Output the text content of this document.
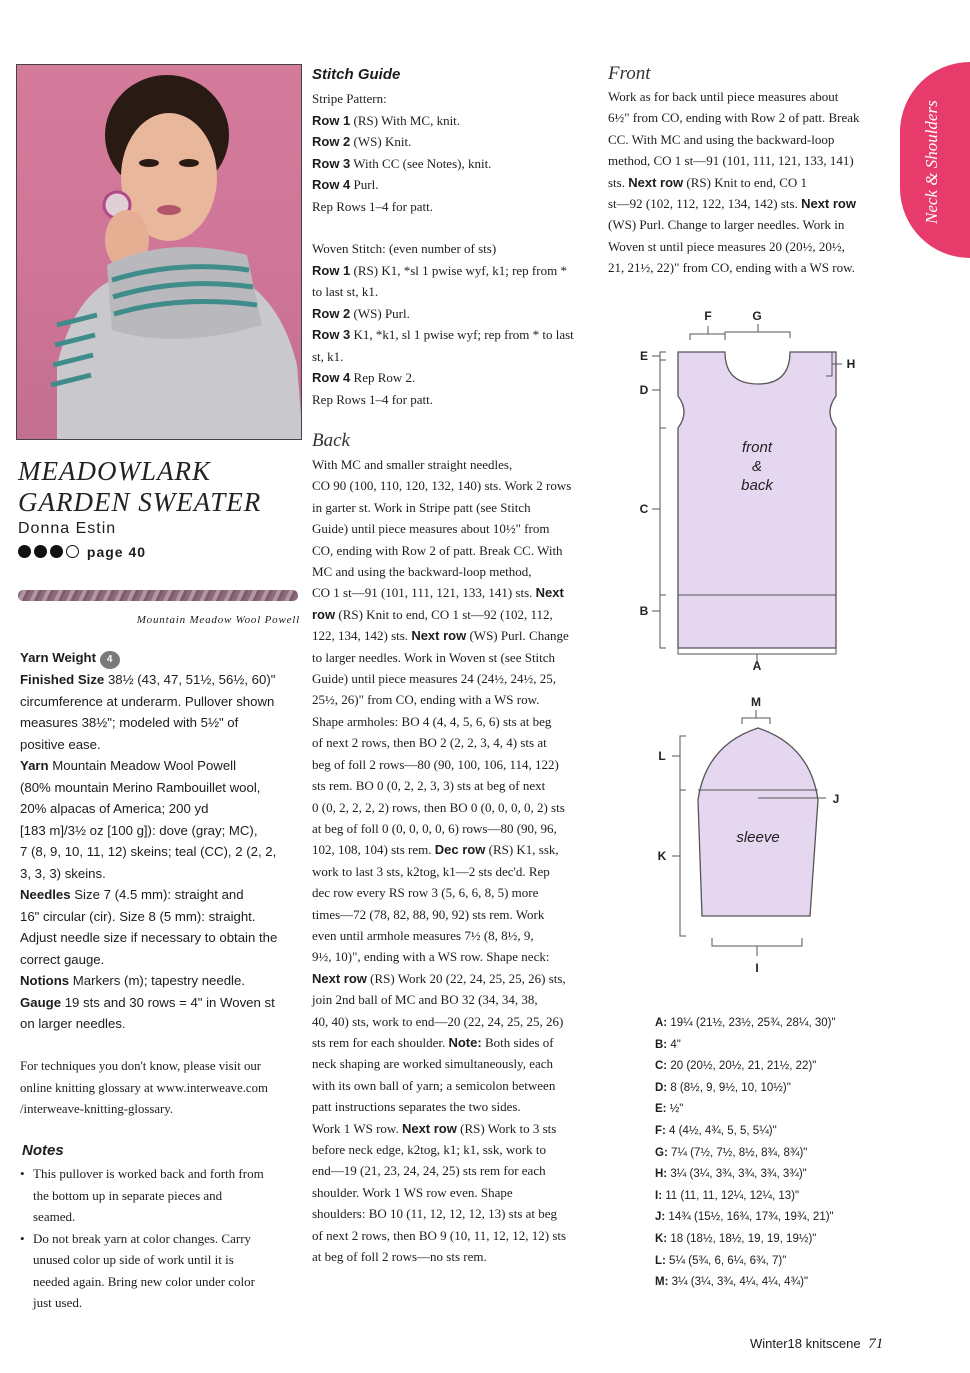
Neck & Shoulders
MEADOWLARK
GARDEN SWEATER
Donna Estin
page 40
Mountain Meadow Wool Powell
Yarn Weight 4
Finished Size 38½ (43, 47, 51½, 56½, 60)"
circumference at underarm. Pullover shown
measures 38½"; modeled with 5½" of
positive ease.
Yarn Mountain Meadow Wool Powell
(80% mountain Merino Rambouillet wool,
20% alpacas of America; 200 yd
[183 m]/3½ oz [100 g]): dove (gray; MC),
7 (8, 9, 10, 11, 12) skeins; teal (CC), 2 (2, 2,
3, 3, 3) skeins.
Needles Size 7 (4.5 mm): straight and
16" circular (cir). Size 8 (5 mm): straight.
Adjust needle size if necessary to obtain the
correct gauge.
Notions Markers (m); tapestry needle.
Gauge 19 sts and 30 rows = 4" in Woven st
on larger needles.
For techniques you don't know, please visit our
online knitting glossary at www.interweave.com
/interweave-knitting-glossary.
Notes
• This pullover is worked back and forth from
the bottom up in separate pieces and
seamed.
• Do not break yarn at color changes. Carry
unused color up side of work until it is
needed again. Bring new color under color
just used.
Stitch Guide
Stripe Pattern:
Row 1 (RS) With MC, knit.
Row 2 (WS) Knit.
Row 3 With CC (see Notes), knit.
Row 4 Purl.
Rep Rows 1–4 for patt.
Woven Stitch: (even number of sts)
Row 1 (RS) K1, *sl 1 pwise wyf, k1; rep from *
to last st, k1.
Row 2 (WS) Purl.
Row 3 K1, *k1, sl 1 pwise wyf; rep from * to last
st, k1.
Row 4 Rep Row 2.
Rep Rows 1–4 for patt.
Back
With MC and smaller straight needles,
CO 90 (100, 110, 120, 132, 140) sts. Work 2 rows
in garter st. Work in Stripe patt (see Stitch
Guide) until piece measures about 10½" from
CO, ending with Row 2 of patt. Break CC. With
MC and using the backward-loop method,
CO 1 st—91 (101, 111, 121, 133, 141) sts. Next
row (RS) Knit to end, CO 1 st—92 (102, 112,
122, 134, 142) sts. Next row (WS) Purl. Change
to larger needles. Work in Woven st (see Stitch
Guide) until piece measures 24 (24½, 24½, 25,
25½, 26)" from CO, ending with a WS row.
Shape armholes: BO 4 (4, 4, 5, 6, 6) sts at beg
of next 2 rows, then BO 2 (2, 2, 3, 4, 4) sts at
beg of foll 2 rows—80 (90, 100, 106, 114, 122)
sts rem. BO 0 (0, 2, 2, 3, 3) sts at beg of next
0 (0, 2, 2, 2, 2) rows, then BO 0 (0, 0, 0, 0, 2) sts
at beg of foll 0 (0, 0, 0, 0, 6) rows—80 (90, 96,
102, 108, 104) sts rem. Dec row (RS) K1, ssk,
work to last 3 sts, k2tog, k1—2 sts dec'd. Rep
dec row every RS row 3 (5, 6, 6, 8, 5) more
times—72 (78, 82, 88, 90, 92) sts rem. Work
even until armhole measures 7½ (8, 8½, 9,
9½, 10)", ending with a WS row. Shape neck:
Next row (RS) Work 20 (22, 24, 25, 25, 26) sts,
join 2nd ball of MC and BO 32 (34, 34, 38,
40, 40) sts, work to end—20 (22, 24, 25, 25, 26)
sts rem for each shoulder. Note: Both sides of
neck shaping are worked simultaneously, each
with its own ball of yarn; a semicolon between
patt instructions separates the two sides.
Work 1 WS row. Next row (RS) Work to 3 sts
before neck edge, k2tog, k1; k1, ssk, work to
end—19 (21, 23, 24, 24, 25) sts rem for each
shoulder. Work 1 WS row even. Shape
shoulders: BO 10 (11, 12, 12, 12, 13) sts at beg
of next 2 rows, then BO 9 (10, 11, 12, 12, 12) sts
at beg of foll 2 rows—no sts rem.
Front
Work as for back until piece measures about
6½" from CO, ending with Row 2 of patt. Break
CC. With MC and using the backward-loop
method, CO 1 st—91 (101, 111, 121, 133, 141)
sts. Next row (RS) Knit to end, CO 1
st—92 (102, 112, 122, 134, 142) sts. Next row
(WS) Purl. Change to larger needles. Work in
Woven st until piece measures 20 (20½, 20½,
21, 21½, 22)" from CO, ending with a WS row.
front
&
back
F	G
E
D
C
B
H
A
sleeve
M
J
L
K
I
A: 19¼ (21½, 23½, 25¾, 28¼, 30)"
B: 4"
C: 20 (20½, 20½, 21, 21½, 22)"
D: 8 (8½, 9, 9½, 10, 10½)"
E: ½"
F: 4 (4½, 4¾, 5, 5, 5¼)"
G: 7¼ (7½, 7½, 8½, 8¾, 8¾)"
H: 3¼ (3¼, 3¾, 3¾, 3¾, 3¾)"
I: 11 (11, 11, 12¼, 12¼, 13)"
J: 14¾ (15½, 16¾, 17¾, 19¾, 21)"
K: 18 (18½, 18½, 19, 19, 19½)"
L: 5¼ (5¾, 6, 6¼, 6¾, 7)"
M: 3¼ (3¼, 3¾, 4¼, 4¼, 4¾)"
Winter18 knitscene 71
